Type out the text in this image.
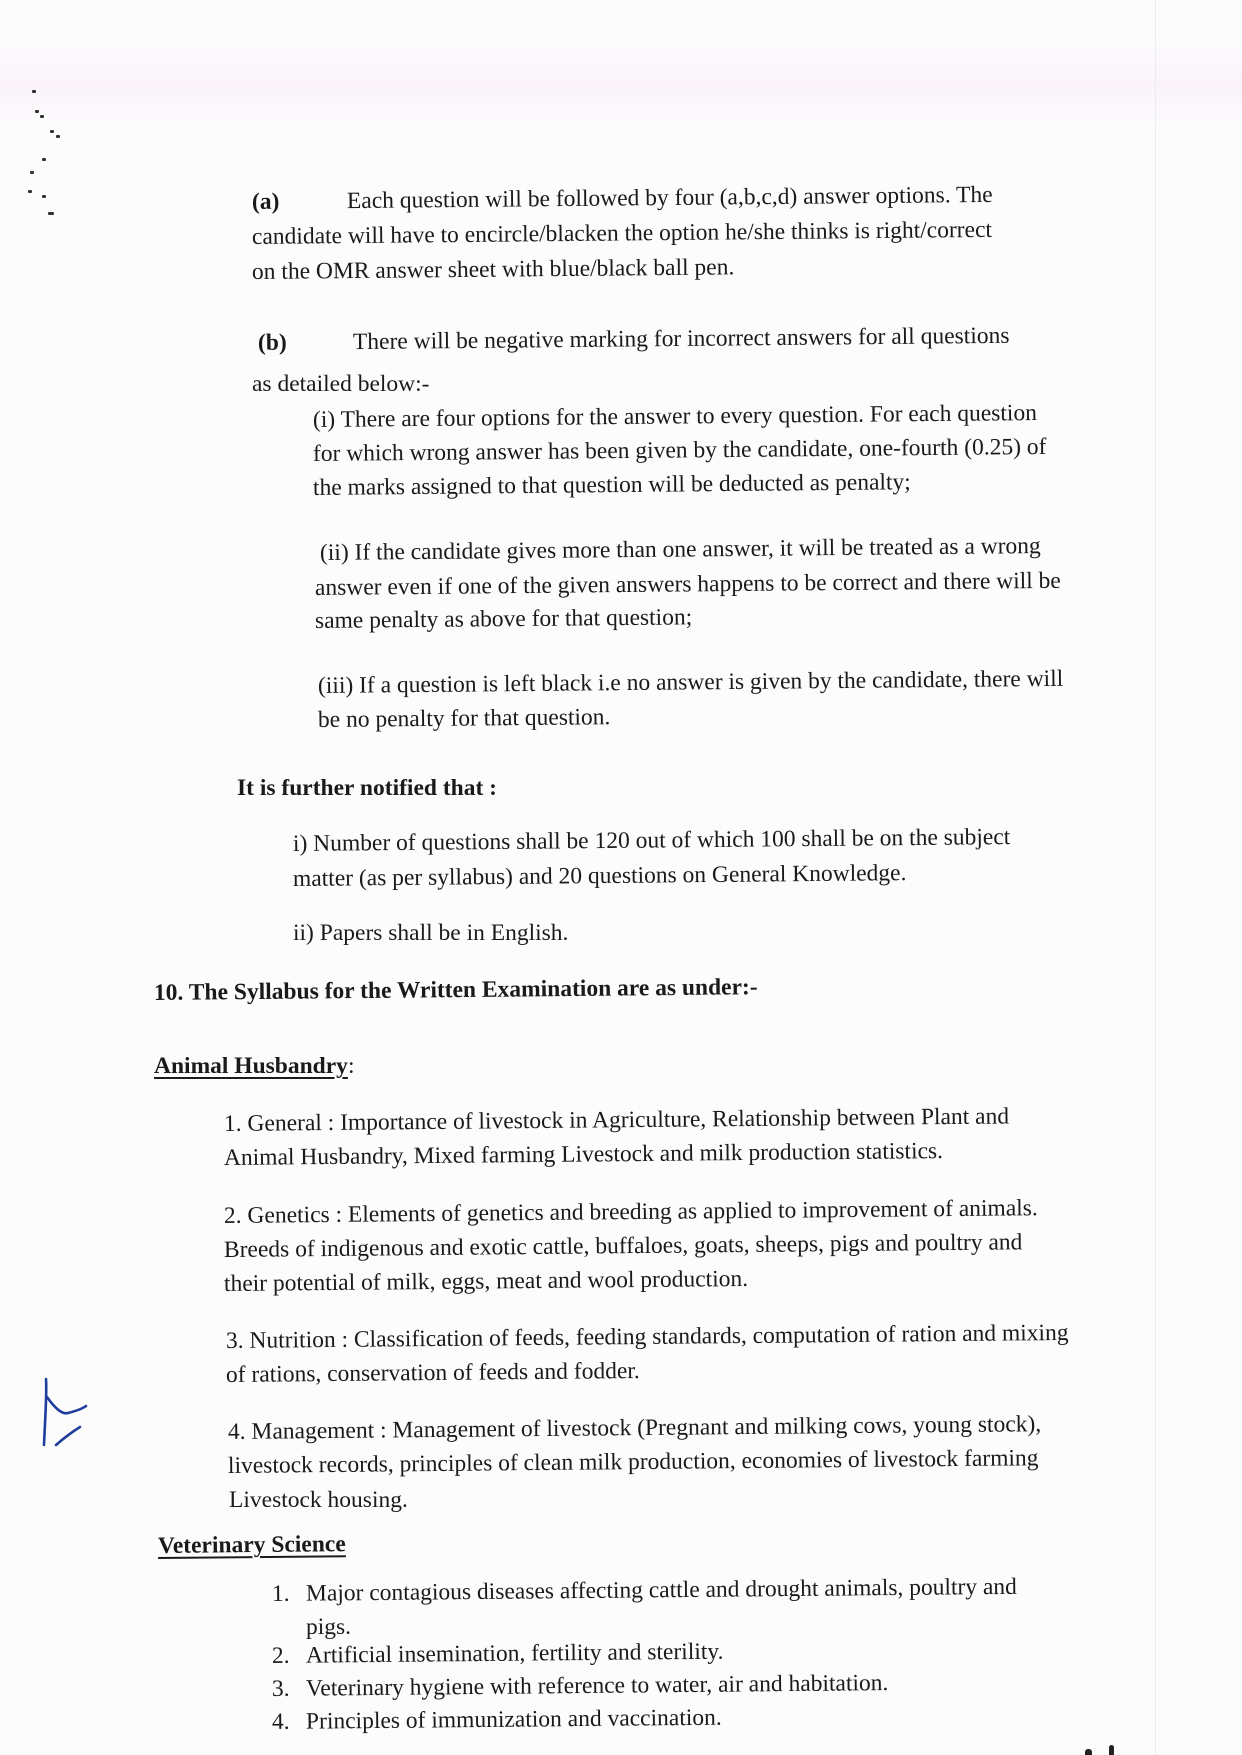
(a)	Each question will be followed by four (a,b,c,d) answer options. The
candidate will have to encircle/blacken the option he/she thinks is right/correct
on the OMR answer sheet with blue/black ball pen.
(b)	There will be negative marking for incorrect answers for all questions
as detailed below:-
(i) There are four options for the answer to every question. For each question
for which wrong answer has been given by the candidate, one-fourth (0.25) of
the marks assigned to that question will be deducted as penalty;
(ii) If the candidate gives more than one answer, it will be treated as a wrong
answer even if one of the given answers happens to be correct and there will be
same penalty as above for that question;
(iii) If a question is left black i.e no answer is given by the candidate, there will
be no penalty for that question.
It is further notified that :
i) Number of questions shall be 120 out of which 100 shall be on the subject
matter (as per syllabus) and 20 questions on General Knowledge.
ii) Papers shall be in English.
10. The Syllabus for the Written Examination are as under:-
Animal Husbandry:
1. General : Importance of livestock in Agriculture, Relationship between Plant and
Animal Husbandry, Mixed farming Livestock and milk production statistics.
2. Genetics : Elements of genetics and breeding as applied to improvement of animals.
Breeds of indigenous and exotic cattle, buffaloes, goats, sheeps, pigs and poultry and
their potential of milk, eggs, meat and wool production.
3. Nutrition : Classification of feeds, feeding standards, computation of ration and mixing
of rations, conservation of feeds and fodder.
4. Management : Management of livestock (Pregnant and milking cows, young stock),
livestock records, principles of clean milk production, economies of livestock farming
Livestock housing.
Veterinary Science
1. Major contagious diseases affecting cattle and drought animals, poultry and
pigs.
2. Artificial insemination, fertility and sterility.
3. Veterinary hygiene with reference to water, air and habitation.
4. Principles of immunization and vaccination.
